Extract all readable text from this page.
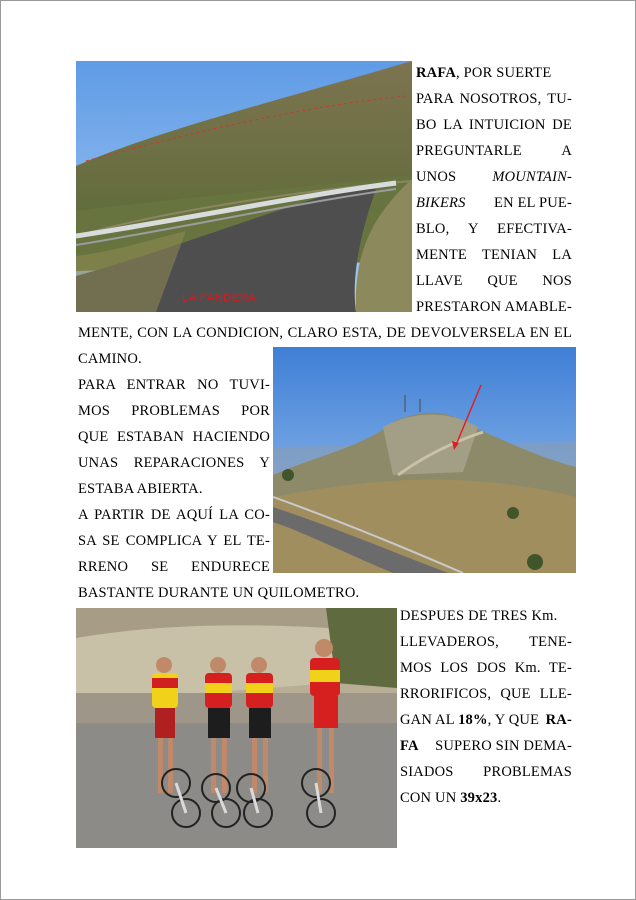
LA PANDERA
RAFA, POR SUERTE
PARA NOSOTROS, TU-
BO LA INTUICION DE
PREGUNTARLE A
UNOS MOUNTAIN-
BIKERS EN EL PUE-
BLO, Y EFECTIVA-
MENTE TENIAN LA
LLAVE QUE NOS
PRESTARON AMABLE-
MENTE, CON LA CONDICION, CLARO ESTA, DE DEVOLVERSELA EN EL
CAMINO.
PARA ENTRAR NO TUVI-
MOS PROBLEMAS POR
QUE ESTABAN HACIENDO
UNAS REPARACIONES Y
ESTABA ABIERTA.
A PARTIR DE AQUÍ LA CO-
SA SE COMPLICA Y EL TE-
RRENO SE ENDURECE
BASTANTE DURANTE UN QUILOMETRO.
DESPUES DE TRES Km.
LLEVADEROS, TENE-
MOS LOS DOS Km. TE-
RRORIFICOS, QUE LLE-
GAN AL 18%, Y QUE RA-
FA SUPERO SIN DEMA-
SIADOS PROBLEMAS
CON UN 39x23.
